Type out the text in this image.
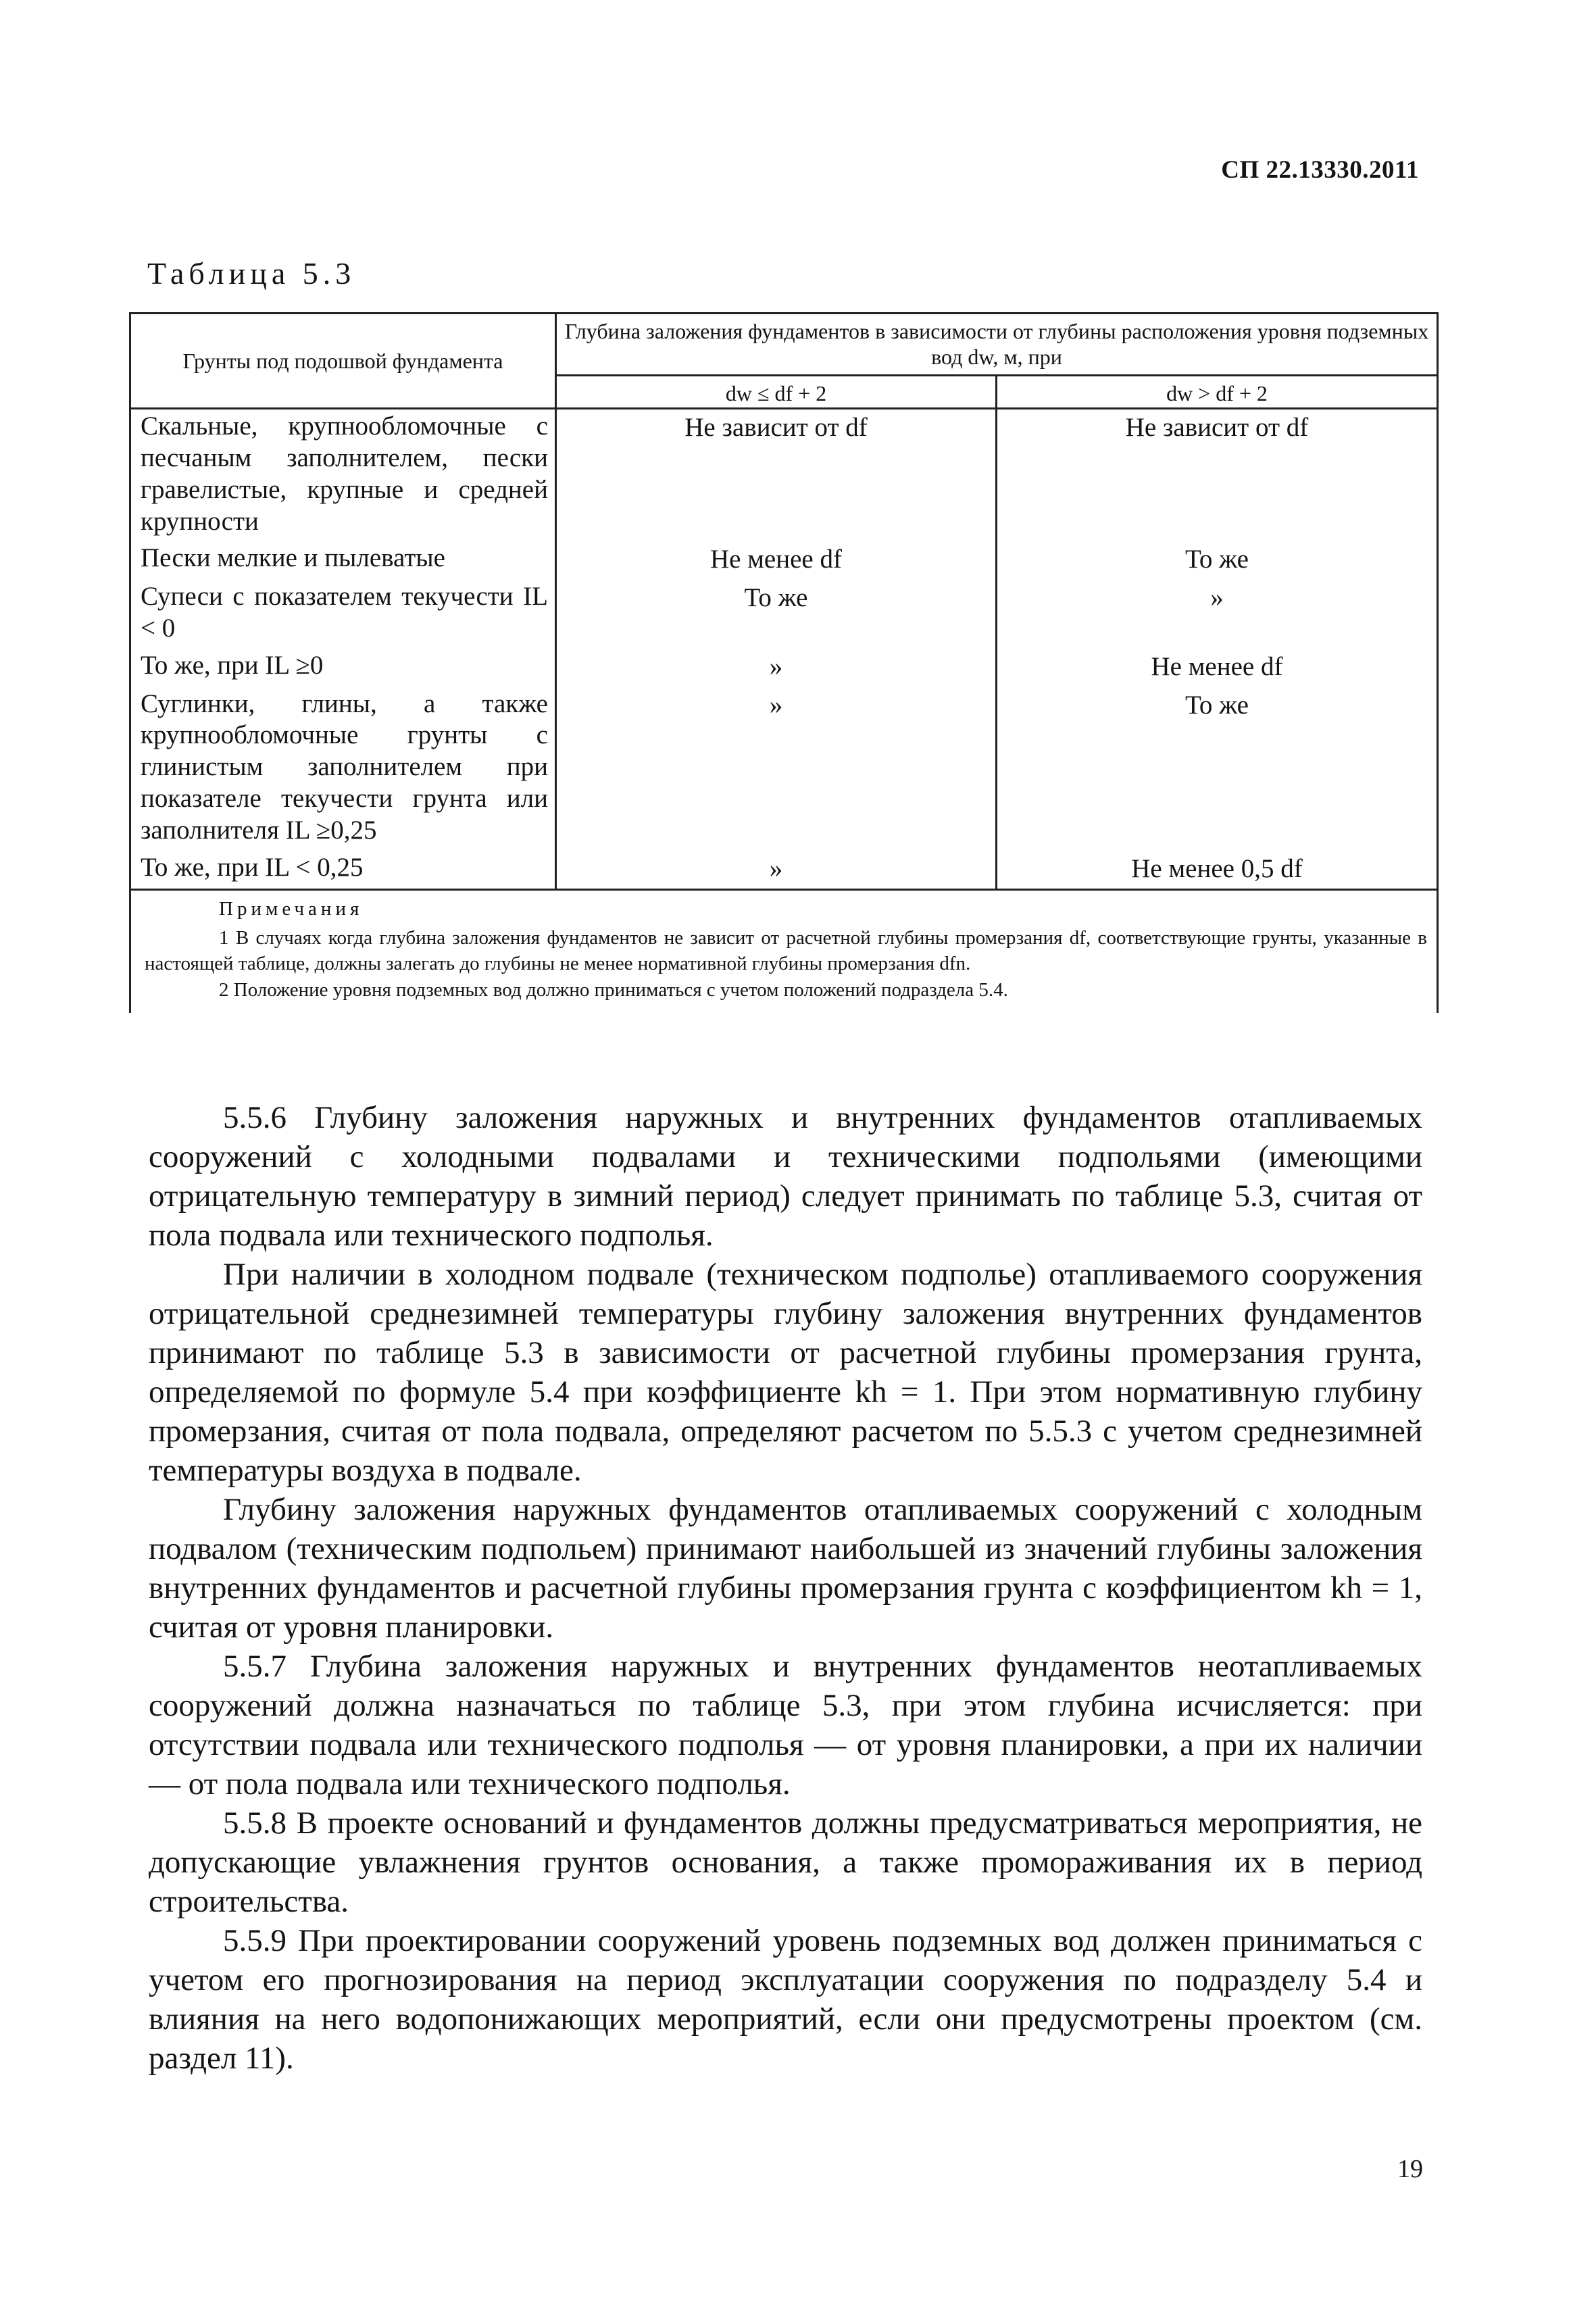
СП 22.13330.2011
Таблица 5.3
Грунты под подошвой фундамента	Глубина заложения фундаментов в зависимости от глубины расположения уровня подземных вод dw, м, при	
	dw ≤ df + 2	dw > df + 2
Скальные, крупнообломочные с песчаным заполнителем, пески гравелистые, крупные и средней крупности	Не зависит от df	Не зависит от df
Пески мелкие и пылеватые	Не менее df	То же
Супеси с показателем текучести IL < 0	То же	»
То же, при IL ≥0	»	Не менее df
Суглинки, глины, а также крупнообломочные грунты с глинистым заполнителем при показателе текучести грунта или заполнителя IL ≥0,25	»	То же
То же, при IL < 0,25	»	Не менее 0,5 df

Примечания

1 В случаях когда глубина заложения фундаментов не зависит от расчетной глубины промерзания df, соответствующие грунты, указанные в настоящей таблице, должны залегать до глубины не менее нормативной глубины промерзания dfn.

2 Положение уровня подземных вод должно приниматься с учетом положений подраздела 5.4.		

5.5.6 Глубину заложения наружных и внутренних фундаментов отапливаемых сооружений с холодными подвалами и техническими подпольями (имеющими отрицательную температуру в зимний период) следует принимать по таблице 5.3, считая от пола подвала или технического подполья.

При наличии в холодном подвале (техническом подполье) отапливаемого сооружения отрицательной среднезимней температуры глубину заложения внутренних фундаментов принимают по таблице 5.3 в зависимости от расчетной глубины промерзания грунта, определяемой по формуле 5.4 при коэффициенте kh = 1. При этом нормативную глубину промерзания, считая от пола подвала, определяют расчетом по 5.5.3 с учетом среднезимней температуры воздуха в подвале.

Глубину заложения наружных фундаментов отапливаемых сооружений с холодным подвалом (техническим подпольем) принимают наибольшей из значений глубины заложения внутренних фундаментов и расчетной глубины промерзания грунта с коэффициентом kh = 1, считая от уровня планировки.

5.5.7 Глубина заложения наружных и внутренних фундаментов неотапливаемых сооружений должна назначаться по таблице 5.3, при этом глубина исчисляется: при отсутствии подвала или технического подполья — от уровня планировки, а при их наличии — от пола подвала или технического подполья.

5.5.8 В проекте оснований и фундаментов должны предусматриваться мероприятия, не допускающие увлажнения грунтов основания, а также промораживания их в период строительства.

5.5.9 При проектировании сооружений уровень подземных вод должен приниматься с учетом его прогнозирования на период эксплуатации сооружения по подразделу 5.4 и влияния на него водопонижающих мероприятий, если они предусмотрены проектом (см. раздел 11).

19
